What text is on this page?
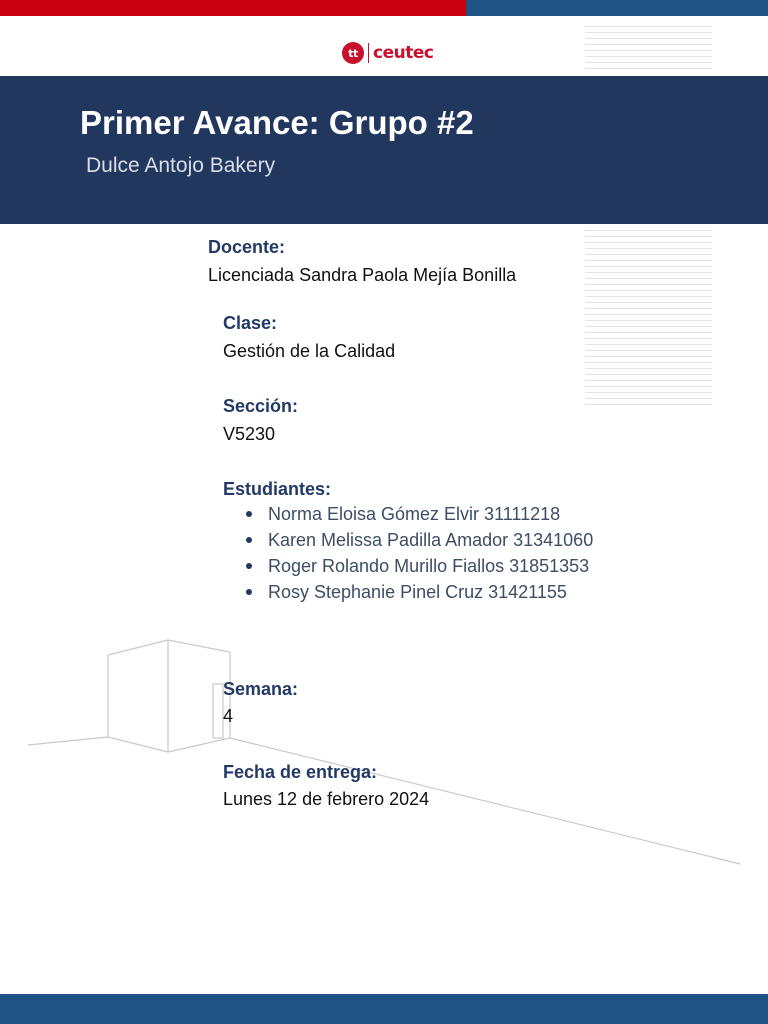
tt ceutec
Primer Avance: Grupo #2
Dulce Antojo Bakery
Docente:
Licenciada Sandra Paola Mejía Bonilla
Clase:
Gestión de la Calidad
Sección:
V5230
Estudiantes:
Norma Eloisa Gómez Elvir 31111218
Karen Melissa Padilla Amador 31341060
Roger Rolando Murillo Fiallos 31851353
Rosy Stephanie Pinel Cruz 31421155
Semana:
4
Fecha de entrega:
Lunes 12 de febrero 2024
